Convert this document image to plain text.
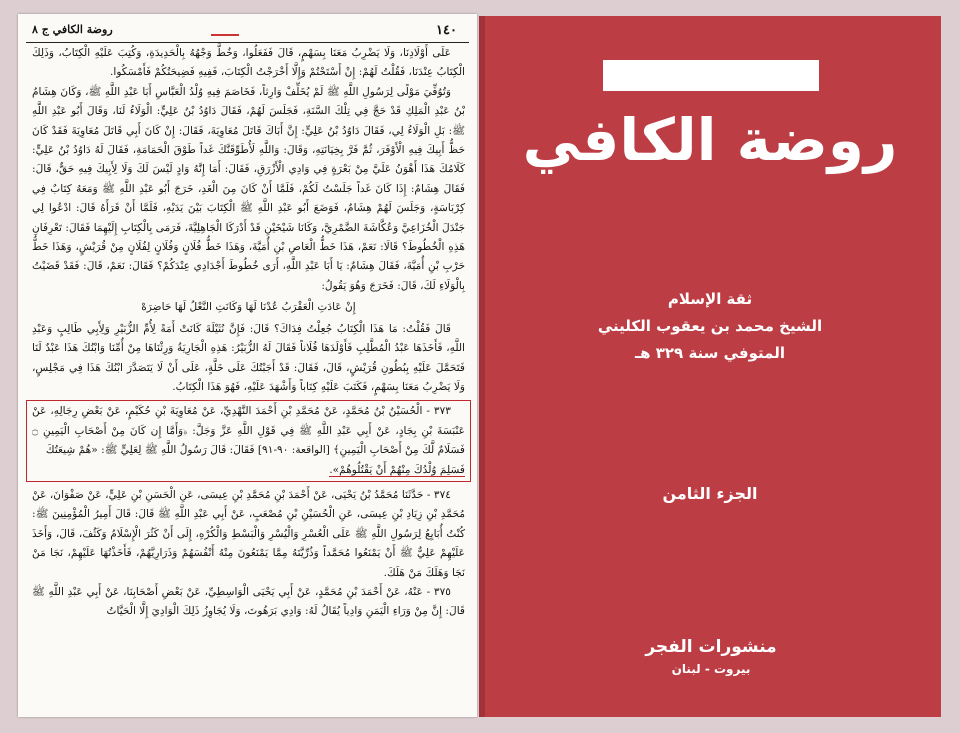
١٤٠
روضة الكافي ج ٨

عَلَى أَوْلَادِنَا، وَلَا يَضْرِبُ مَعَنَا بِسَهْمٍ، قَالَ فَفَعَلُوا، وَخُطَّ وَجْهُهُ بِالْحَدِيدَةِ، وَكُتِبَ عَلَيْهِ الْكِتَابُ، وَذَلِكَ الْكِتَابُ عِنْدَنَا، فَقُلْتُ لَهُمْ: إِنْ أَسْتَحْتُمْ وَإِلَّا أَخْرَجْتُ الْكِتَابَ، فَفِيهِ فَضِيحَتُكُمْ فَأَمْسَكُوا.

وَتُوُفِّيَ مَوْلًى لِرَسُولِ اللَّهِ ﷺ لَمْ يُخَلِّفْ وَارِثاً، فَخَاصَمَ فِيهِ وُلْدُ الْعَبَّاسِ أَبَا عَبْدِ اللَّهِ ﷺ، وَكَانَ هِشَامُ بْنُ عَبْدِ الْمَلِكِ قَدْ حَجَّ فِي تِلْكَ السَّنَةِ، فَجَلَسَ لَهُمْ، فَقَالَ دَاوُدُ بْنُ عَلِيٍّ: الْوَلَاءُ لَنَا، وَقَالَ أَبُو عَبْدِ اللَّهِ ﷺ: بَلِ الْوَلَاءُ لِي، فَقَالَ دَاوُدُ بْنُ عَلِيٍّ: إِنَّ أَبَاكَ قَاتَلَ مُعَاوِيَةَ، فَقَالَ: إِنْ كَانَ أَبِي قَاتَلَ مُعَاوِيَةَ فَقَدْ كَانَ حَظُّ أَبِيكَ فِيهِ الْأَوْفَرَ، ثُمَّ فَرَّ بِخِيَانَتِهِ، وَقَالَ: وَاللَّهِ لَأُطَوِّقَنَّكَ غَداً طَوْقَ الْحَمَامَةِ، فَقَالَ لَهُ دَاوُدُ بْنُ عَلِيٍّ: كَلَامُكَ هَذَا أَهْوَنُ عَلَيَّ مِنْ بَعْرَةٍ فِي وَادِي الْأَزْرَقِ، فَقَالَ: أَمَا إِنَّهُ وَادٍ لَيْسَ لَكَ وَلَا لِأَبِيكَ فِيهِ حَقٌّ، قَالَ: فَقَالَ هِشَامٌ: إِذَا كَانَ غَداً جَلَسْتُ لَكُمْ، فَلَمَّا أَنْ كَانَ مِنَ الْغَدِ، خَرَجَ أَبُو عَبْدِ اللَّهِ ﷺ وَمَعَهُ كِتَابٌ فِي كِرْبَاسَةٍ، وَجَلَسَ لَهُمْ هِشَامٌ، فَوَضَعَ أَبُو عَبْدِ اللَّهِ ﷺ الْكِتَابَ بَيْنَ يَدَيْهِ، فَلَمَّا أَنْ قَرَأَهُ قَالَ: ادْعُوا لِي جَنْدَلَ الْخُزَاعِيَّ وَعُكَّاشَةَ الضَّمْرِيَّ، وَكَانَا شَيْخَيْنِ قَدْ أَدْرَكَا الْجَاهِلِيَّةَ، فَرَمَى بِالْكِتَابِ إِلَيْهِمَا فَقَالَ: تَعْرِفَانِ هَذِهِ الْخُطُوطَ؟ قَالَا: نَعَمْ، هَذَا خَطُّ الْعَاصِ بْنِ أُمَيَّةَ، وَهَذَا خَطُّ فُلَانٍ وَفُلَانٍ لِفُلَانٍ مِنْ قُرَيْشٍ، وَهَذَا خَطُّ حَرْبِ بْنِ أُمَيَّةَ، فَقَالَ هِشَامٌ: يَا أَبَا عَبْدِ اللَّهِ، أَرَى خُطُوطَ أَجْدَادِي عِنْدَكُمْ؟ فَقَالَ: نَعَمْ، قَالَ: فَقَدْ قَضَيْتُ بِالْوَلَاءِ لَكَ، قَالَ: فَخَرَجَ وَهُوَ يَقُولُ:

إِنْ عَادَتِ الْعَقْرَبُ عُدْنَا لَهَا وَكَانَتِ النَّعْلُ لَهَا حَاضِرَهْ

قَالَ فَقُلْتُ: مَا هَذَا الْكِتَابُ جُعِلْتُ فِدَاكَ؟ قَالَ: فَإِنَّ نُثَيْلَةَ كَانَتْ أَمَةً لِأُمِّ الزُّبَيْرِ وَلِأَبِي طَالِبٍ وَعَبْدِ اللَّهِ، فَأَخَذَهَا عَبْدُ الْمُطَّلِبِ فَأَوْلَدَهَا فُلَاناً فَقَالَ لَهُ الزُّبَيْرُ: هَذِهِ الْجَارِيَةُ وَرِثْنَاهَا مِنْ أُمِّنَا وَابْنُكَ هَذَا عَبْدٌ لَنَا فَتَحَمَّلَ عَلَيْهِ بِبُطُونِ قُرَيْشٍ، قَالَ، فَقَالَ: قَدْ أَجَبْتُكَ عَلَى خَلَّةٍ، عَلَى أَنْ لَا يَتَصَدَّرَ ابْنُكَ هَذَا فِي مَجْلِسٍ، وَلَا يَضْرِبُ مَعَنَا بِسَهْمٍ، فَكَتَبَ عَلَيْهِ كِتَاباً وَأَشْهَدَ عَلَيْهِ، فَهُوَ هَذَا الْكِتَابُ.

٣٧٣ - الْحُسَيْنُ بْنُ مُحَمَّدٍ، عَنْ مُحَمَّدِ بْنِ أَحْمَدَ النَّهْدِيِّ، عَنْ مُعَاوِيَةَ بْنِ حُكَيْمٍ، عَنْ بَعْضِ رِجَالِهِ، عَنْ عَنْبَسَةَ بْنِ بِجَادٍ، عَنْ أَبِي عَبْدِ اللَّهِ ﷺ فِي قَوْلِ اللَّهِ عَزَّ وَجَلَّ: ﴿وَأَمَّا إِن كَانَ مِنْ أَصْحَابِ الْيَمِينِ ۝ فَسَلَامٌ لَّكَ مِنْ أَصْحَابِ الْيَمِينِ﴾ [الواقعة: ٩٠-٩١] فَقَالَ: قَالَ رَسُولُ اللَّهِ ﷺ لِعَلِيٍّ ﷺ: «هُمْ شِيعَتُكَ

فَسَلِمَ وُلْدُكَ مِنْهُمْ أَنْ يَقْتُلُوهُمْ».

٣٧٤ - حَدَّثَنَا مُحَمَّدُ بْنُ يَحْيَى، عَنْ أَحْمَدَ بْنِ مُحَمَّدِ بْنِ عِيسَى، عَنِ الْحَسَنِ بْنِ عَلِيٍّ، عَنْ صَفْوَانَ، عَنْ مُحَمَّدِ بْنِ زِيَادِ بْنِ عِيسَى، عَنِ الْحُسَيْنِ بْنِ مُصْعَبٍ، عَنْ أَبِي عَبْدِ اللَّهِ ﷺ قَالَ: قَالَ أَمِيرُ الْمُؤْمِنِينَ ﷺ: كُنْتُ أُبَايِعُ لِرَسُولِ اللَّهِ ﷺ عَلَى الْعُسْرِ وَالْيُسْرِ وَالْبَسْطِ وَالْكُرْهِ، إِلَى أَنْ كَثُرَ الْإِسْلَامُ وَكَثُفَ، قَالَ، وَأَخَذَ عَلَيْهِمْ عَلِيٌّ ﷺ أَنْ يَمْنَعُوا مُحَمَّداً وَذُرِّيَّتَهُ مِمَّا يَمْنَعُونَ مِنْهُ أَنْفُسَهُمْ وَذَرَارِيَّهُمْ، فَأَخَذْتُهَا عَلَيْهِمْ، نَجَا مَنْ نَجَا وَهَلَكَ مَنْ هَلَكَ.

٣٧٥ - عَنْهُ، عَنْ أَحْمَدَ بْنِ مُحَمَّدٍ، عَنْ أَبِي يَحْيَى الْوَاسِطِيِّ، عَنْ بَعْضِ أَصْحَابِنَا، عَنْ أَبِي عَبْدِ اللَّهِ ﷺ قَالَ: إِنَّ مِنْ وَرَاءِ الْيَمَنِ وَادِياً يُقَالُ لَهُ: وَادِي بَرَهُوتَ، وَلَا يُجَاوِزُ ذَلِكَ الْوَادِيَ إِلَّا الْحَيَّاتُ

روضة الكافي
ثقة الإسلام
الشيخ محمد بن يعقوب الكليني
المتوفي سنة ٣٢٩ هـ
الجزء الثامن
منشورات الفجر
بيروت - لبنان
